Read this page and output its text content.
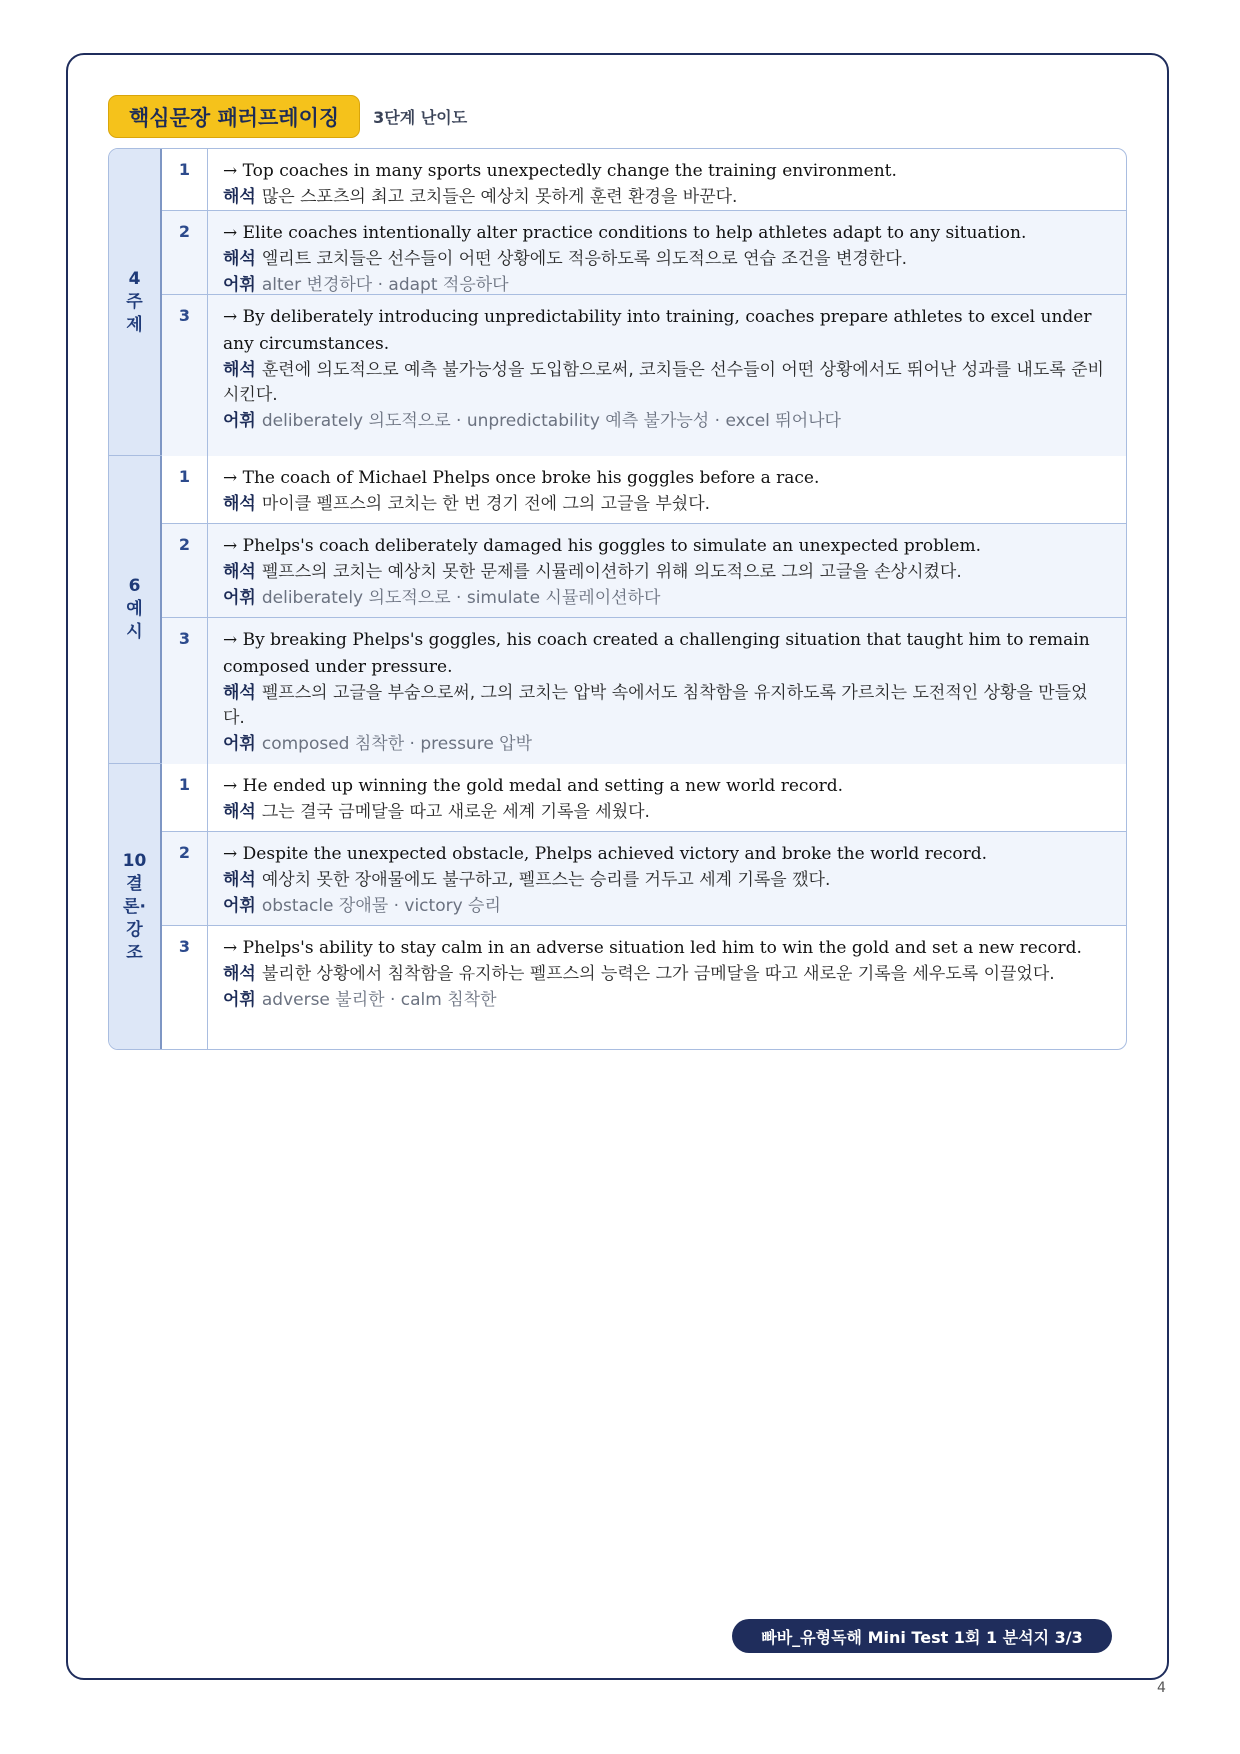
핵심문장 패러프레이징	3단계 난이도
4 주제
1	→ Top coaches in many sports unexpectedly change the training environment.
해석 많은 스포츠의 최고 코치들은 예상치 못하게 훈련 환경을 바꾼다.
2	→ Elite coaches intentionally alter practice conditions to help athletes adapt to any situation.
해석 엘리트 코치들은 선수들이 어떤 상황에도 적응하도록 의도적으로 연습 조건을 변경한다.
어휘 alter 변경하다 · adapt 적응하다
3	→ By deliberately introducing unpredictability into training, coaches prepare athletes to excel under any circumstances.
해석 훈련에 의도적으로 예측 불가능성을 도입함으로써, 코치들은 선수들이 어떤 상황에서도 뛰어난 성과를 내도록 준비시킨다.
어휘 deliberately 의도적으로 · unpredictability 예측 불가능성 · excel 뛰어나다
6 예시
1	→ The coach of Michael Phelps once broke his goggles before a race.
해석 마이클 펠프스의 코치는 한 번 경기 전에 그의 고글을 부쉈다.
2	→ Phelps's coach deliberately damaged his goggles to simulate an unexpected problem.
해석 펠프스의 코치는 예상치 못한 문제를 시뮬레이션하기 위해 의도적으로 그의 고글을 손상시켰다.
어휘 deliberately 의도적으로 · simulate 시뮬레이션하다
3	→ By breaking Phelps's goggles, his coach created a challenging situation that taught him to remain composed under pressure.
해석 펠프스의 고글을 부숨으로써, 그의 코치는 압박 속에서도 침착함을 유지하도록 가르치는 도전적인 상황을 만들었다.
어휘 composed 침착한 · pressure 압박
10 결론· 강조
1	→ He ended up winning the gold medal and setting a new world record.
해석 그는 결국 금메달을 따고 새로운 세계 기록을 세웠다.
2	→ Despite the unexpected obstacle, Phelps achieved victory and broke the world record.
해석 예상치 못한 장애물에도 불구하고, 펠프스는 승리를 거두고 세계 기록을 깼다.
어휘 obstacle 장애물 · victory 승리
3	→ Phelps's ability to stay calm in an adverse situation led him to win the gold and set a new record.
해석 불리한 상황에서 침착함을 유지하는 펠프스의 능력은 그가 금메달을 따고 새로운 기록을 세우도록 이끌었다.
어휘 adverse 불리한 · calm 침착한
빠바_유형독해 Mini Test 1회 1 분석지 3/3
4
